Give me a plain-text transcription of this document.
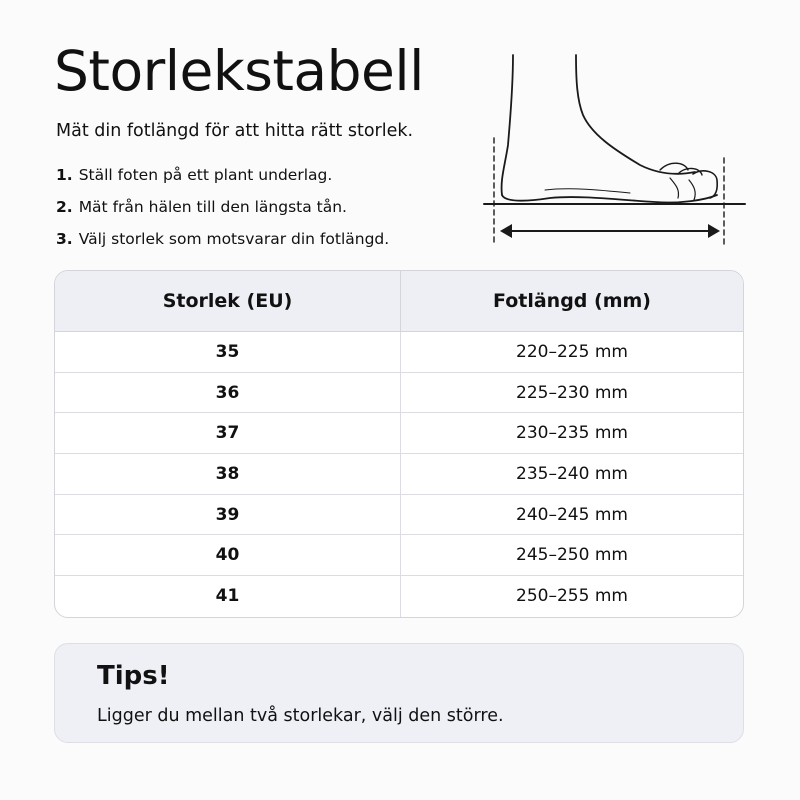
Storlekstabell

Mät din fotlängd för att hitta rätt storlek.

1. Ställ foten på ett plant underlag.
2. Mät från hälen till den längsta tån.
3. Välj storlek som motsvarar din fotlängd.
Storlek (EU)	Fotlängd (mm)
35	220–225 mm
36	225–230 mm
37	230–235 mm
38	235–240 mm
39	240–245 mm
40	245–250 mm
41	250–255 mm
Tips!

Ligger du mellan två storlekar, välj den större.
